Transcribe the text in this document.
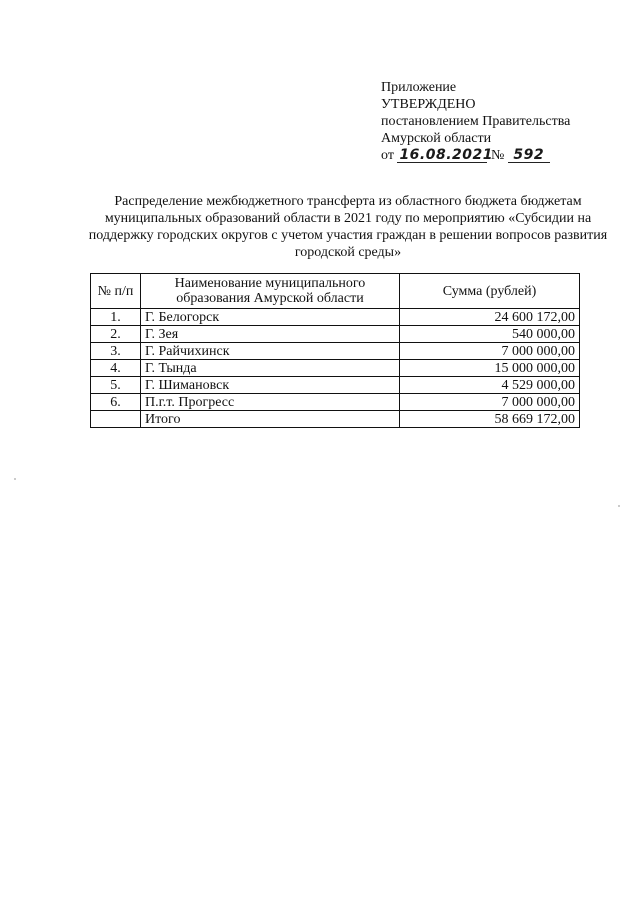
Приложение
УТВЕРЖДЕНО
постановлением Правительства
Амурской области
от 16.08.2021 № 592
Распределение межбюджетного трансферта из областного бюджета бюджетам муниципальных образований области в 2021 году по мероприятию «Субсидии на поддержку городских округов с учетом участия граждан в решении вопросов развития городской среды»
№ п/п	Наименование муниципального образования Амурской области	Сумма (рублей)
1.	Г. Белогорск	24 600 172,00
2.	Г. Зея	540 000,00
3.	Г. Райчихинск	7 000 000,00
4.	Г. Тында	15 000 000,00
5.	Г. Шимановск	4 529 000,00
6.	П.г.т. Прогресс	7 000 000,00
	Итого	58 669 172,00
